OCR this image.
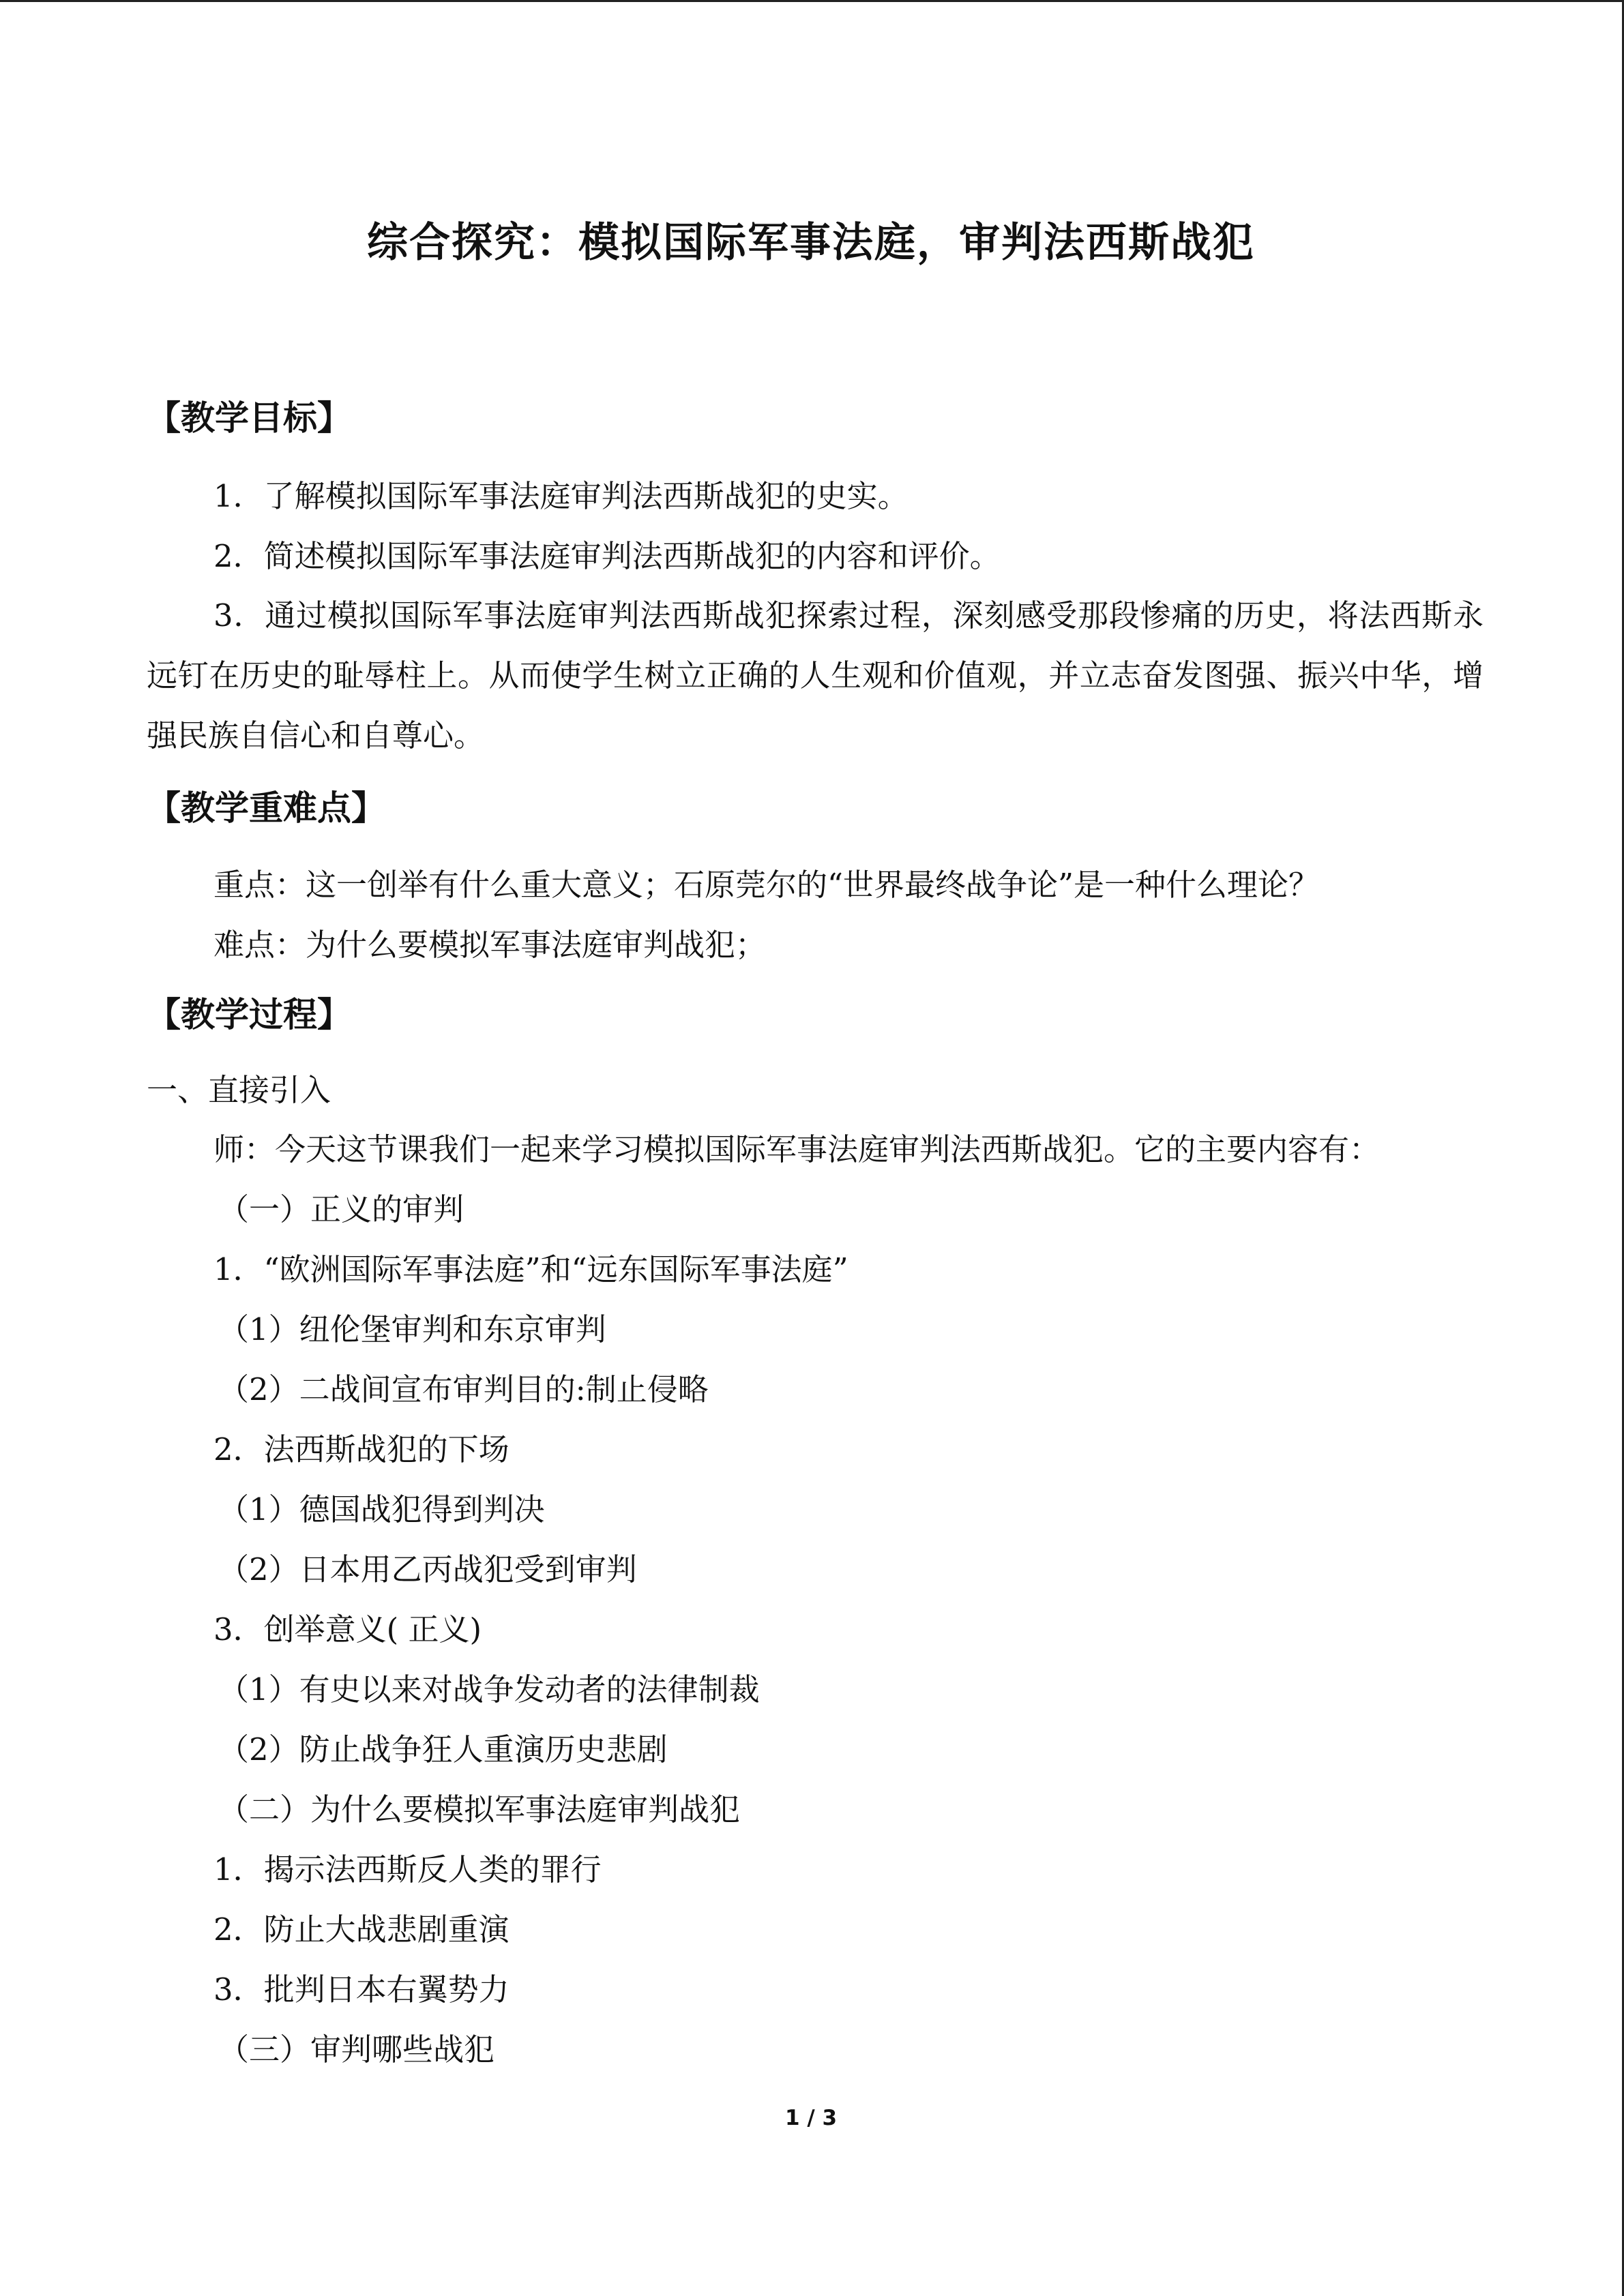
综合探究：模拟国际军事法庭，审判法西斯战犯
【教学目标】

1．了解模拟国际军事法庭审判法西斯战犯的史实。

2．简述模拟国际军事法庭审判法西斯战犯的内容和评价。

3．通过模拟国际军事法庭审判法西斯战犯探索过程，深刻感受那段惨痛的历史，将法西斯永远钉在历史的耻辱柱上。从而使学生树立正确的人生观和价值观，并立志奋发图强、振兴中华，增强民族自信心和自尊心。

【教学重难点】

重点：这一创举有什么重大意义；石原莞尔的“世界最终战争论”是一种什么理论？

难点：为什么要模拟军事法庭审判战犯；

【教学过程】

一、直接引入

师：今天这节课我们一起来学习模拟国际军事法庭审判法西斯战犯。它的主要内容有：

（一）正义的审判

1．“欧洲国际军事法庭”和“远东国际军事法庭”

（1）纽伦堡审判和东京审判

（2）二战间宣布审判目的:制止侵略

2．法西斯战犯的下场

（1）德国战犯得到判决

（2）日本用乙丙战犯受到审判

3．创举意义( 正义)

（1）有史以来对战争发动者的法律制裁

（2）防止战争狂人重演历史悲剧

（二）为什么要模拟军事法庭审判战犯

1．揭示法西斯反人类的罪行

2．防止大战悲剧重演

3．批判日本右翼势力

（三）审判哪些战犯

1 / 3
